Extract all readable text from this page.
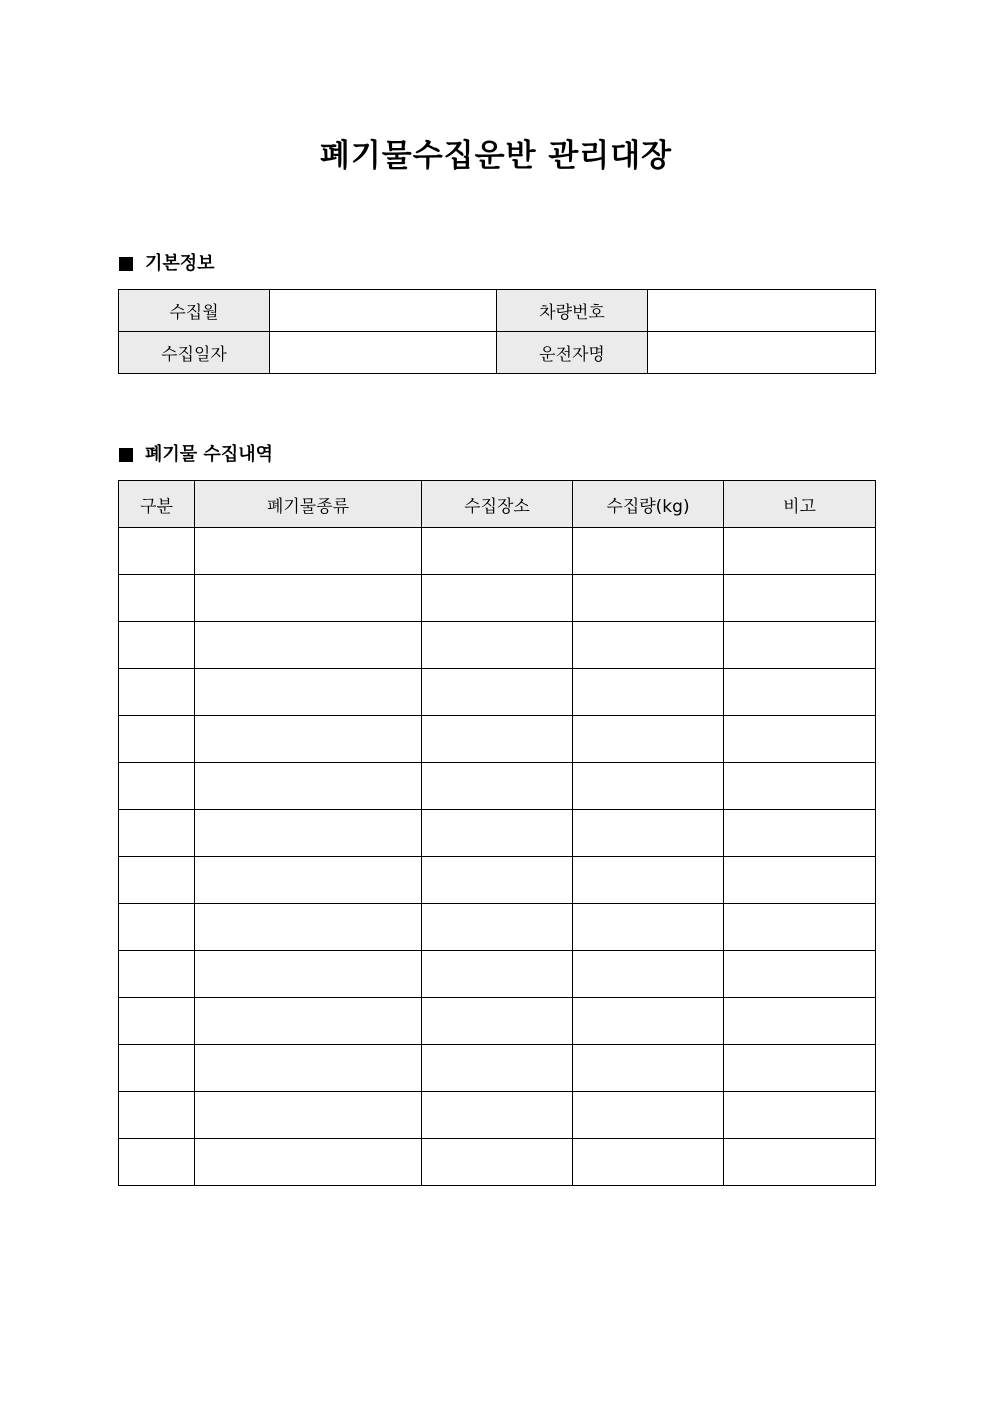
폐기물수집운반 관리대장
기본정보
수집월		차량번호	
수집일자		운전자명	
폐기물 수집내역
구분	폐기물종류	수집장소	수집량(kg)	비고
